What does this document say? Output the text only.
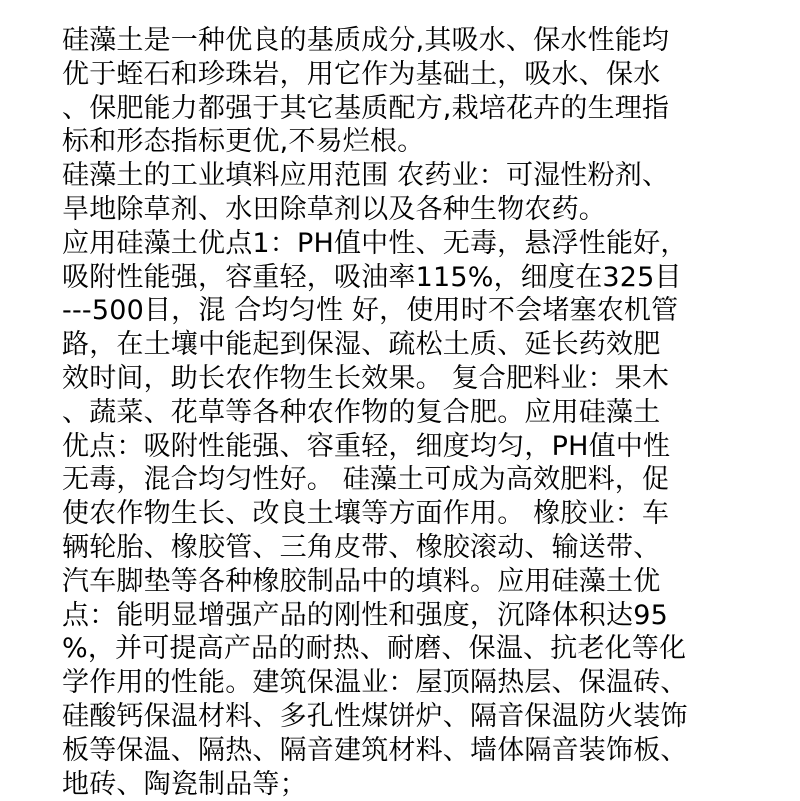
硅藻土是一种优良的基质成分,其吸水、保水性能均
优于蛭石和珍珠岩，用它作为基础土，吸水、保水
、保肥能力都强于其它基质配方,栽培花卉的生理指
标和形态指标更优,不易烂根。
硅藻土的工业填料应用范围 农药业：可湿性粉剂、
旱地除草剂、水田除草剂以及各种生物农药。
应用硅藻土优点1：PH值中性、无毒，悬浮性能好，
吸附性能强，容重轻，吸油率115%，细度在325目
---500目，混 合均匀性 好，使用时不会堵塞农机管
路，在土壤中能起到保湿、疏松土质、延长药效肥
效时间，助长农作物生长效果。 复合肥料业：果木
、蔬菜、花草等各种农作物的复合肥。应用硅藻土
优点：吸附性能强、容重轻，细度均匀，PH值中性
无毒，混合均匀性好。 硅藻土可成为高效肥料，促
使农作物生长、改良土壤等方面作用。 橡胶业：车
辆轮胎、橡胶管、三角皮带、橡胶滚动、输送带、
汽车脚垫等各种橡胶制品中的填料。应用硅藻土优
点：能明显增强产品的刚性和强度，沉降体积达95
%，并可提高产品的耐热、耐磨、保温、抗老化等化
学作用的性能。建筑保温业：屋顶隔热层、保温砖、
硅酸钙保温材料、多孔性煤饼炉、隔音保温防火装饰
板等保温、隔热、隔音建筑材料、墙体隔音装饰板、
地砖、陶瓷制品等；
